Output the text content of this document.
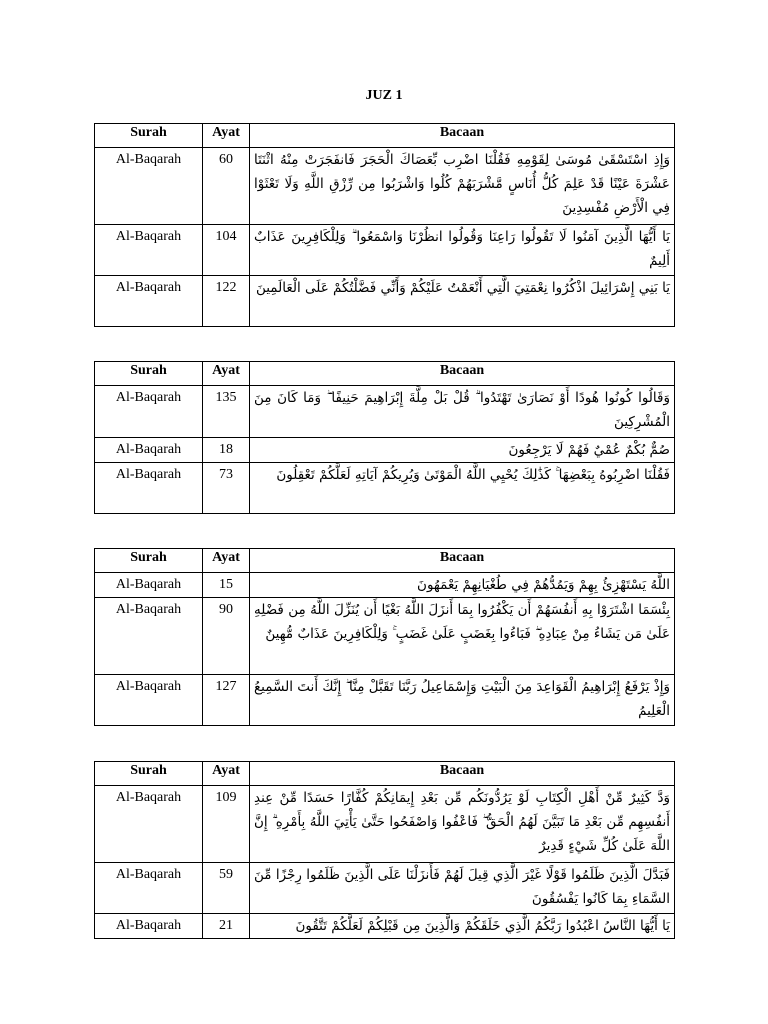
JUZ 1
Surah	Ayat	Bacaan
Al-Baqarah	60	وَإِذِ اسْتَسْقَىٰ مُوسَىٰ لِقَوْمِهِ فَقُلْنَا اضْرِب بِّعَصَاكَ الْحَجَرَ فَانفَجَرَتْ مِنْهُ اثْنَتَا عَشْرَةَ عَيْنًا قَدْ عَلِمَ كُلُّ أُنَاسٍ مَّشْرَبَهُمْ كُلُوا وَاشْرَبُوا مِن رِّزْقِ اللَّهِ وَلَا تَعْثَوْا فِي الْأَرْضِ مُفْسِدِينَ
Al-Baqarah	104	يَا أَيُّهَا الَّذِينَ آمَنُوا لَا تَقُولُوا رَاعِنَا وَقُولُوا انظُرْنَا وَاسْمَعُوا ۗ وَلِلْكَافِرِينَ عَذَابٌ أَلِيمٌ
Al-Baqarah	122	يَا بَنِي إِسْرَائِيلَ اذْكُرُوا نِعْمَتِيَ الَّتِي أَنْعَمْتُ عَلَيْكُمْ وَأَنِّي فَضَّلْتُكُمْ عَلَى الْعَالَمِينَ
Surah	Ayat	Bacaan
Al-Baqarah	135	وَقَالُوا كُونُوا هُودًا أَوْ نَصَارَىٰ تَهْتَدُوا ۗ قُلْ بَلْ مِلَّةَ إِبْرَاهِيمَ حَنِيفًا ۖ وَمَا كَانَ مِنَ الْمُشْرِكِينَ
Al-Baqarah	18	صُمٌّ بُكْمٌ عُمْيٌ فَهُمْ لَا يَرْجِعُونَ
Al-Baqarah	73	فَقُلْنَا اضْرِبُوهُ بِبَعْضِهَا ۚ كَذَٰلِكَ يُحْيِي اللَّهُ الْمَوْتَىٰ وَيُرِيكُمْ آيَاتِهِ لَعَلَّكُمْ تَعْقِلُونَ
Surah	Ayat	Bacaan
Al-Baqarah	15	اللَّهُ يَسْتَهْزِئُ بِهِمْ وَيَمُدُّهُمْ فِي طُغْيَانِهِمْ يَعْمَهُونَ
Al-Baqarah	90	بِئْسَمَا اشْتَرَوْا بِهِ أَنفُسَهُمْ أَن يَكْفُرُوا بِمَا أَنزَلَ اللَّهُ بَغْيًا أَن يُنَزِّلَ اللَّهُ مِن فَضْلِهِ عَلَىٰ مَن يَشَاءُ مِنْ عِبَادِهِ ۖ فَبَاءُوا بِغَضَبٍ عَلَىٰ غَضَبٍ ۚ وَلِلْكَافِرِينَ عَذَابٌ مُّهِينٌ
Al-Baqarah	127	وَإِذْ يَرْفَعُ إِبْرَاهِيمُ الْقَوَاعِدَ مِنَ الْبَيْتِ وَإِسْمَاعِيلُ رَبَّنَا تَقَبَّلْ مِنَّا ۖ إِنَّكَ أَنتَ السَّمِيعُ الْعَلِيمُ
Surah	Ayat	Bacaan
Al-Baqarah	109	وَدَّ كَثِيرٌ مِّنْ أَهْلِ الْكِتَابِ لَوْ يَرُدُّونَكُم مِّن بَعْدِ إِيمَانِكُمْ كُفَّارًا حَسَدًا مِّنْ عِندِ أَنفُسِهِم مِّن بَعْدِ مَا تَبَيَّنَ لَهُمُ الْحَقُّ ۖ فَاعْفُوا وَاصْفَحُوا حَتَّىٰ يَأْتِيَ اللَّهُ بِأَمْرِهِ ۗ إِنَّ اللَّهَ عَلَىٰ كُلِّ شَيْءٍ قَدِيرٌ
Al-Baqarah	59	فَبَدَّلَ الَّذِينَ ظَلَمُوا قَوْلًا غَيْرَ الَّذِي قِيلَ لَهُمْ فَأَنزَلْنَا عَلَى الَّذِينَ ظَلَمُوا رِجْزًا مِّنَ السَّمَاءِ بِمَا كَانُوا يَفْسُقُونَ
Al-Baqarah	21	يَا أَيُّهَا النَّاسُ اعْبُدُوا رَبَّكُمُ الَّذِي خَلَقَكُمْ وَالَّذِينَ مِن قَبْلِكُمْ لَعَلَّكُمْ تَتَّقُونَ
